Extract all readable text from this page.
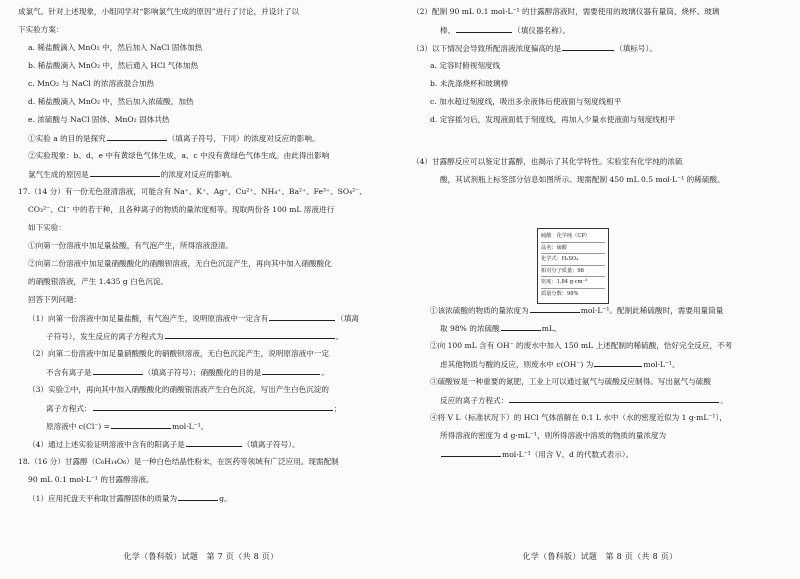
成氯气。针对上述现象，小组同学对“影响氯气生成的原因”进行了讨论，并设计了以
下实验方案：
a. 稀盐酸滴入 MnO₂ 中，然后加入 NaCl 固体加热
b. 稀盐酸滴入 MnO₂ 中，然后通入 HCl 气体加热
c. MnO₂ 与 NaCl 的浓溶液混合加热
d. 稀盐酸滴入 MnO₂ 中，然后加入浓硫酸，加热
e. 浓硫酸与 NaCl 固体、MnO₂ 固体共热
①实验 a 的目的是探究	（填离子符号，下同）的浓度对反应的影响。
②实验现象：b、d、e 中有黄绿色气体生成，a、c 中没有黄绿色气体生成。由此得出影响
氯气生成的原因是	的浓度对反应的影响。
17.（14 分）有一份无色澄清溶液，可能含有 Na⁺、K⁺、Ag⁺、Cu²⁺、NH₄⁺、Ba²⁺、Fe³⁺、SO₄²⁻、
CO₃²⁻、Cl⁻ 中的若干种，且各种离子的物质的量浓度相等。现取两份各 100 mL 溶液进行
如下实验：
①向第一份溶液中加足量盐酸，有气泡产生，所得溶液澄清。
②向第二份溶液中加足量硝酸酸化的硝酸钡溶液，无白色沉淀产生，再向其中加入硝酸酸化
的硝酸银溶液，产生 1.435 g 白色沉淀。
回答下列问题：
（1）向第一份溶液中加足量盐酸，有气泡产生，说明原溶液中一定含有	（填离
子符号），发生反应的离子方程式为	。
（2）向第二份溶液中加足量硝酸酸化的硝酸钡溶液，无白色沉淀产生，说明原溶液中一定
不含有离子是	（填离子符号）；硝酸酸化的目的是	。
（3）实验②中，再向其中加入硝酸酸化的硝酸银溶液产生白色沉淀，写出产生白色沉淀的
离子方程式：	；
原溶液中 c(Cl⁻) =	mol·L⁻¹。
（4）通过上述实验证明溶液中含有的阳离子是	（填离子符号）。
18.（16 分）甘露醇（C₆H₁₄O₆）是一种白色结晶性粉末，在医药等领域有广泛应用。现需配制
90 mL 0.1 mol·L⁻¹ 的甘露醇溶液。
（1）应用托盘天平称取甘露醇固体的质量为	g。
化学（鲁科版）试题　第 7 页（共 8 页）
（2）配制 90 mL 0.1 mol·L⁻¹ 的甘露醇溶液时，需要使用的玻璃仪器有量筒、烧杯、玻璃
棒、	（填仪器名称）。
（3）以下情况会导致所配溶液浓度偏高的是	（填标号）。
a. 定容时俯视刻度线
b. 未洗涤烧杯和玻璃棒
c. 加水超过刻度线，吸出多余液体后使液面与刻度线相平
d. 定容摇匀后，发现液面低于刻度线，再加入少量水使液面与刻度线相平
（4）甘露醇反应可以鉴定甘露醇，也揭示了其化学特性。实验室有化学纯的浓硫
酸，其试剂瓶上标签部分信息如图所示。现需配制 450 mL 0.5 mol·L⁻¹ 的稀硫酸。
硫酸　化学纯（CP）
品名：硫酸
化学式：H₂SO₄
相对分子质量：98
密度：1.84 g·cm⁻³
质量分数：98%
①该浓硫酸的物质的量浓度为	mol·L⁻¹。配制此稀硫酸时，需要用量筒量
取 98% 的浓硫酸	mL。
②向 100 mL 含有 OH⁻ 的废水中加入 150 mL 上述配制的稀硫酸，恰好完全反应，不考
虑其他物质与酸的反应，则废水中 c(OH⁻) 为	mol·L⁻¹。
③硫酸铵是一种重要的氮肥，工业上可以通过氨气与硫酸反应制得。写出氨气与硫酸
反应的离子方程式：	。
④将 V L（标准状况下）的 HCl 气体溶解在 0.1 L 水中（水的密度近似为 1 g·mL⁻¹），
所得溶液的密度为 d g·mL⁻¹，则所得溶液中溶质的物质的量浓度为
mol·L⁻¹（用含 V、d 的代数式表示）。
化学（鲁科版）试题　第 8 页（共 8 页）
